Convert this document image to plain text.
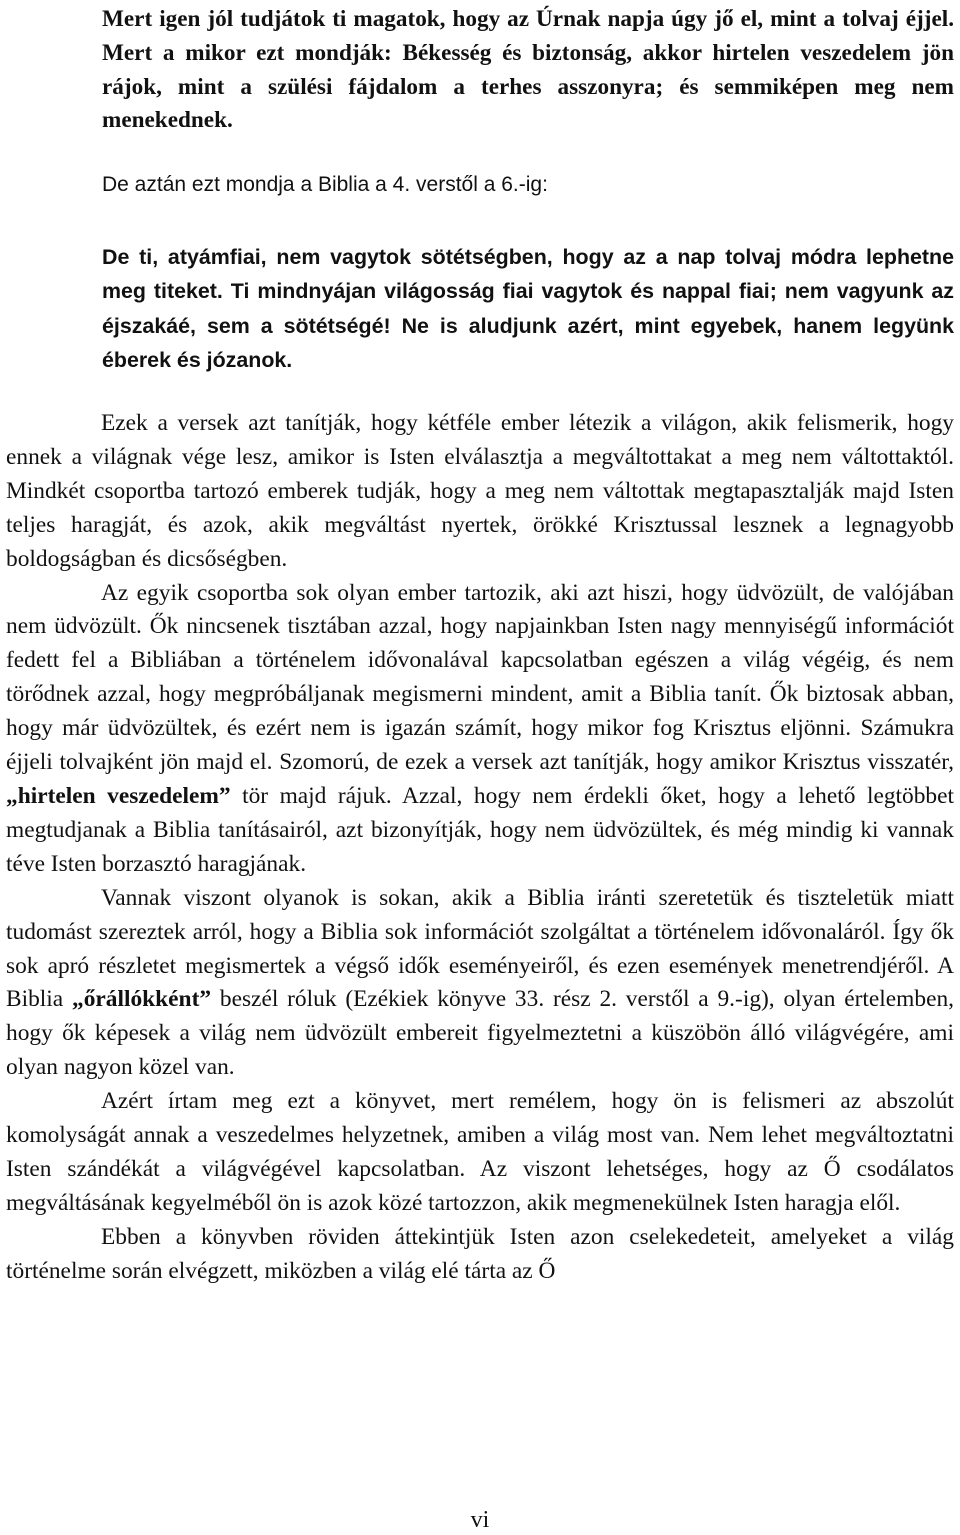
Mert igen jól tudjátok ti magatok, hogy az Úrnak napja úgy jő el, mint a tolvaj éjjel. Mert a mikor ezt mondják: Békesség és biztonság, akkor hirtelen veszedelem jön rájok, mint a szülési fájdalom a terhes asszonyra; és semmiképen meg nem menekednek.

De aztán ezt mondja a Biblia a 4. verstől a 6.-ig:

De ti, atyámfiai, nem vagytok sötétségben, hogy az a nap tolvaj módra lephetne meg titeket. Ti mindnyájan világosság fiai vagytok és nappal fiai; nem vagyunk az éjszakáé, sem a sötétségé! Ne is aludjunk azért, mint egyebek, hanem legyünk éberek és józanok.

Ezek a versek azt tanítják, hogy kétféle ember létezik a világon, akik felismerik, hogy ennek a világnak vége lesz, amikor is Isten elválasztja a megváltottakat a meg nem váltottaktól. Mindkét csoportba tartozó emberek tudják, hogy a meg nem váltottak megtapasztalják majd Isten teljes haragját, és azok, akik megváltást nyertek, örökké Krisztussal lesznek a legnagyobb boldogságban és dicsőségben.

Az egyik csoportba sok olyan ember tartozik, aki azt hiszi, hogy üdvözült, de valójában nem üdvözült. Ők nincsenek tisztában azzal, hogy napjainkban Isten nagy mennyiségű információt fedett fel a Bibliában a történelem idővonalával kapcsolatban egészen a világ végéig, és nem törődnek azzal, hogy megpróbáljanak megismerni mindent, amit a Biblia tanít. Ők biztosak abban, hogy már üdvözültek, és ezért nem is igazán számít, hogy mikor fog Krisztus eljönni. Számukra éjjeli tolvajként jön majd el. Szomorú, de ezek a versek azt tanítják, hogy amikor Krisztus visszatér, „hirtelen veszedelem” tör majd rájuk. Azzal, hogy nem érdekli őket, hogy a lehető legtöbbet megtudjanak a Biblia tanításairól, azt bizonyítják, hogy nem üdvözültek, és még mindig ki vannak téve Isten borzasztó haragjának.

Vannak viszont olyanok is sokan, akik a Biblia iránti szeretetük és tiszteletük miatt tudomást szereztek arról, hogy a Biblia sok információt szolgáltat a történelem idővonaláról. Így ők sok apró részletet megismertek a végső idők eseményeiről, és ezen események menetrendjéről. A Biblia „őrállókként” beszél róluk (Ezékiek könyve 33. rész 2. verstől a 9.-ig), olyan értelemben, hogy ők képesek a világ nem üdvözült embereit figyelmeztetni a küszöbön álló világvégére, ami olyan nagyon közel van.

Azért írtam meg ezt a könyvet, mert remélem, hogy ön is felismeri az abszolút komolyságát annak a veszedelmes helyzetnek, amiben a világ most van. Nem lehet megváltoztatni Isten szándékát a világvégével kapcsolatban. Az viszont lehetséges, hogy az Ő csodálatos megváltásának kegyelméből ön is azok közé tartozzon, akik megmenekülnek Isten haragja elől.

Ebben a könyvben röviden áttekintjük Isten azon cselekedeteit, amelyeket a világ történelme során elvégzett, miközben a világ elé tárta az Ő

vi
